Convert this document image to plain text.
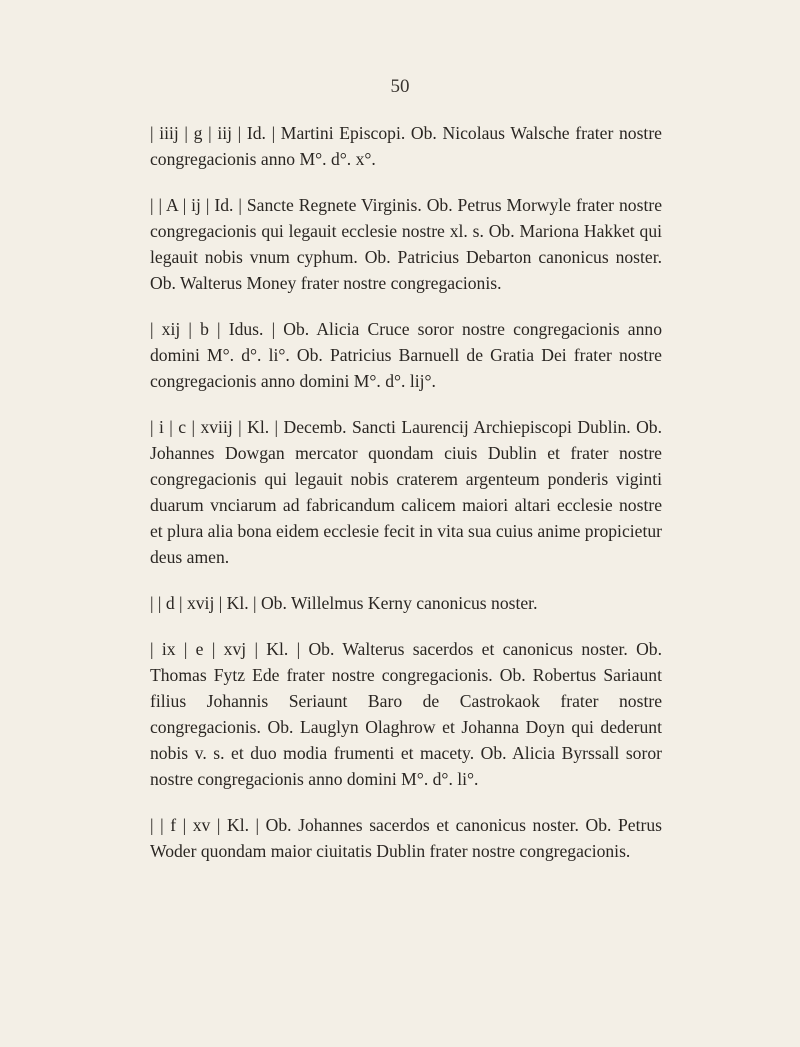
50

| iiij | g | iij | Id. | Martini Episcopi. Ob. Nicolaus Walsche frater nostre congregacionis anno M°. d°. x°.

| | A | ij | Id. | Sancte Regnete Virginis. Ob. Petrus Morwyle frater nostre congregacionis qui legauit ecclesie nostre xl. s. Ob. Mariona Hakket qui legauit nobis vnum cyphum. Ob. Patricius Debarton canonicus noster. Ob. Walterus Money frater nostre congregacionis.

| xij | b | Idus. | Ob. Alicia Cruce soror nostre congregacionis anno domini M°. d°. li°. Ob. Patricius Barnuell de Gratia Dei frater nostre congregacionis anno domini M°. d°. lij°.

| i | c | xviij | Kl. | Decemb. Sancti Laurencij Archiepiscopi Dublin. Ob. Johannes Dowgan mercator quondam ciuis Dublin et frater nostre congregacionis qui legauit nobis craterem argenteum ponderis viginti duarum vnciarum ad fabricandum calicem maiori altari ecclesie nostre et plura alia bona eidem ecclesie fecit in vita sua cuius anime propicietur deus amen.

| | d | xvij | Kl. | Ob. Willelmus Kerny canonicus noster.

| ix | e | xvj | Kl. | Ob. Walterus sacerdos et canonicus noster. Ob. Thomas Fytz Ede frater nostre congregacionis. Ob. Robertus Sariaunt filius Johannis Seriaunt Baro de Castrokaok frater nostre congregacionis. Ob. Lauglyn Olaghrow et Johanna Doyn qui dederunt nobis v. s. et duo modia frumenti et macety. Ob. Alicia Byrssall soror nostre congregacionis anno domini M°. d°. li°.

| | f | xv | Kl. | Ob. Johannes sacerdos et canonicus noster. Ob. Petrus Woder quondam maior ciuitatis Dublin frater nostre congregacionis.
